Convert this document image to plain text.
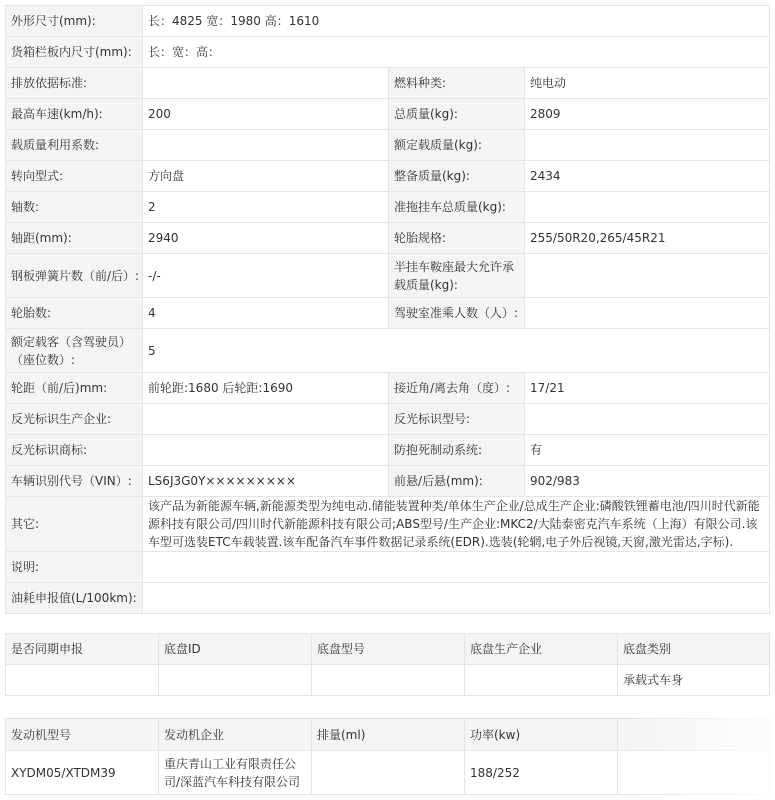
外形尺寸(mm):	长：4825 宽：1980 高：1610		
货箱栏板内尺寸(mm):	长：宽：高：		
排放依据标准:		燃料种类:	纯电动
最高车速(km/h):	200	总质量(kg):	2809
载质量利用系数:		额定载质量(kg):	
转向型式:	方向盘	整备质量(kg):	2434
轴数:	2	准拖挂车总质量(kg):	
轴距(mm):	2940	轮胎规格:	255/50R20,265/45R21
钢板弹簧片数（前/后）:	-/-	半挂车鞍座最大允许承载质量(kg):	
轮胎数:	4	驾驶室准乘人数（人）:	
额定载客（含驾驶员）（座位数）:	5		
轮距（前/后)mm:	前轮距:1680 后轮距:1690	接近角/离去角（度）:	17/21
反光标识生产企业:		反光标识型号:	
反光标识商标:		防抱死制动系统:	有
车辆识别代号（VIN）:	LS6J3G0Y×××××××××	前悬/后悬(mm):	902/983
其它:	该产品为新能源车辆,新能源类型为纯电动.储能装置种类/单体生产企业/总成生产企业:磷酸铁锂蓄电池/四川时代新能源科技有限公司/四川时代新能源科技有限公司;ABS型号/生产企业:MKC2/大陆泰密克汽车系统（上海）有限公司.该车型可选装ETC车载装置.该车配备汽车事件数据记录系统(EDR).选装(轮辋,电子外后视镜,天窗,激光雷达,字标).		
说明:			
油耗申报值(L/100km):			
是否同期申报	底盘ID	底盘型号	底盘生产企业	底盘类别
				承载式车身
发动机型号	发动机企业	排量(ml)	功率(kw)	
XYDM05/XTDM39	重庆青山工业有限责任公司/深蓝汽车科技有限公司		188/252	
